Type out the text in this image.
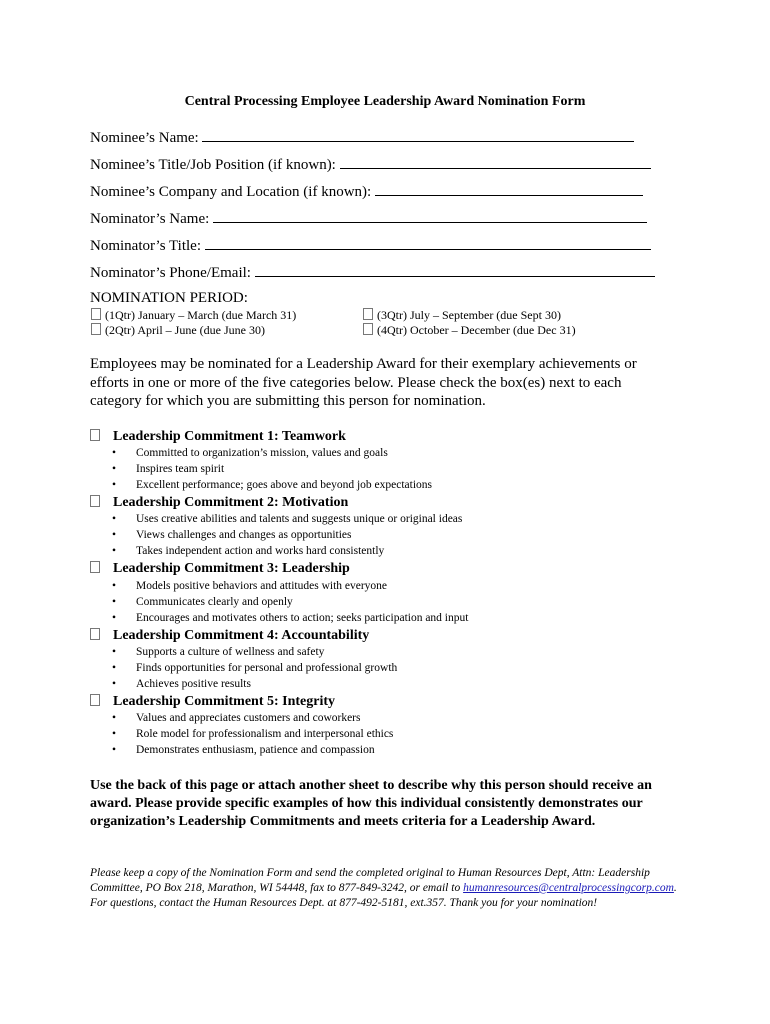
Central Processing Employee Leadership Award Nomination Form
Nominee’s Name:
Nominee’s Title/Job Position (if known):
Nominee’s Company and Location (if known):
Nominator’s Name:
Nominator’s Title:
Nominator’s Phone/Email:
NOMINATION PERIOD:
(1Qtr) January – March (due March 31)
(2Qtr) April – June (due June 30)
(3Qtr) July – September (due Sept 30)
(4Qtr) October – December (due Dec 31)
Employees may be nominated for a Leadership Award for their exemplary achievements or efforts in one or more of the five categories below. Please check the box(es) next to each category for which you are submitting this person for nomination.
Leadership Commitment 1: Teamwork
• Committed to organization’s mission, values and goals
• Inspires team spirit
• Excellent performance; goes above and beyond job expectations
Leadership Commitment 2: Motivation
• Uses creative abilities and talents and suggests unique or original ideas
• Views challenges and changes as opportunities
• Takes independent action and works hard consistently
Leadership Commitment 3: Leadership
• Models positive behaviors and attitudes with everyone
• Communicates clearly and openly
• Encourages and motivates others to action; seeks participation and input
Leadership Commitment 4: Accountability
• Supports a culture of wellness and safety
• Finds opportunities for personal and professional growth
• Achieves positive results
Leadership Commitment 5: Integrity
• Values and appreciates customers and coworkers
• Role model for professionalism and interpersonal ethics
• Demonstrates enthusiasm, patience and compassion
Use the back of this page or attach another sheet to describe why this person should receive an award. Please provide specific examples of how this individual consistently demonstrates our organization’s Leadership Commitments and meets criteria for a Leadership Award.
Please keep a copy of the Nomination Form and send the completed original to Human Resources Dept, Attn: Leadership Committee, PO Box 218, Marathon, WI 54448, fax to 877-849-3242, or email to humanresources@centralprocessingcorp.com.
For questions, contact the Human Resources Dept. at 877-492-5181, ext.357. Thank you for your nomination!
